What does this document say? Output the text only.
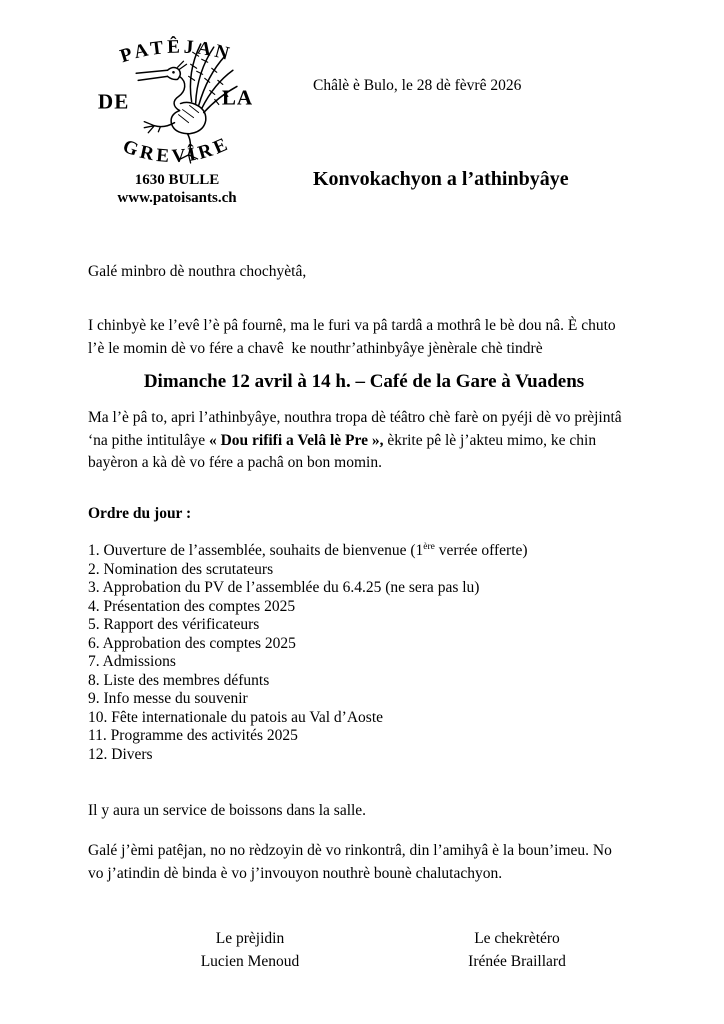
PATÊJAN
GREVÎRE
DE	LA
1630 BULLE
www.patoisants.ch
Châlè è Bulo, le 28 dè fèvrê 2026
Konvokachyon a l’athinbyâye
Galé minbro dè nouthra chochyètâ,
I chinbyè ke l’evê l’è pâ fournê, ma le furi va pâ tardâ a mothrâ le bè dou nâ. È chuto
l’è le momin dè vo fére a chavê  ke nouthr’athinbyâye jènèrale chè tindrè
Dimanche 12 avril à 14 h. – Café de la Gare à Vuadens
Ma l’è pâ to, apri l’athinbyâye, nouthra tropa dè téâtro chè farè on pyéji dè vo prèjintâ
‘na pithe intitulâye « Dou rififi a Velâ lè Pre », èkrite pê lè j’akteu mimo, ke chin
bayèron a kà dè vo fére a pachâ on bon momin.
Ordre du jour :
1. Ouverture de l’assemblée, souhaits de bienvenue (1ère verrée offerte)
2. Nomination des scrutateurs
3. Approbation du PV de l’assemblée du 6.4.25 (ne sera pas lu)
4. Présentation des comptes 2025
5. Rapport des vérificateurs
6. Approbation des comptes 2025
7. Admissions
8. Liste des membres défunts
9. Info messe du souvenir
10. Fête internationale du patois au Val d’Aoste
11. Programme des activités 2025
12. Divers
Il y aura un service de boissons dans la salle.
Galé j’èmi patêjan, no no rèdzoyin dè vo rinkontrâ, din l’amihyâ è la boun’imeu. No
vo j’atindin dè binda è vo j’invouyon nouthrè bounè chalutachyon.
Le prèjidin
Lucien Menoud
Le chekrètéro
Irénée Braillard
